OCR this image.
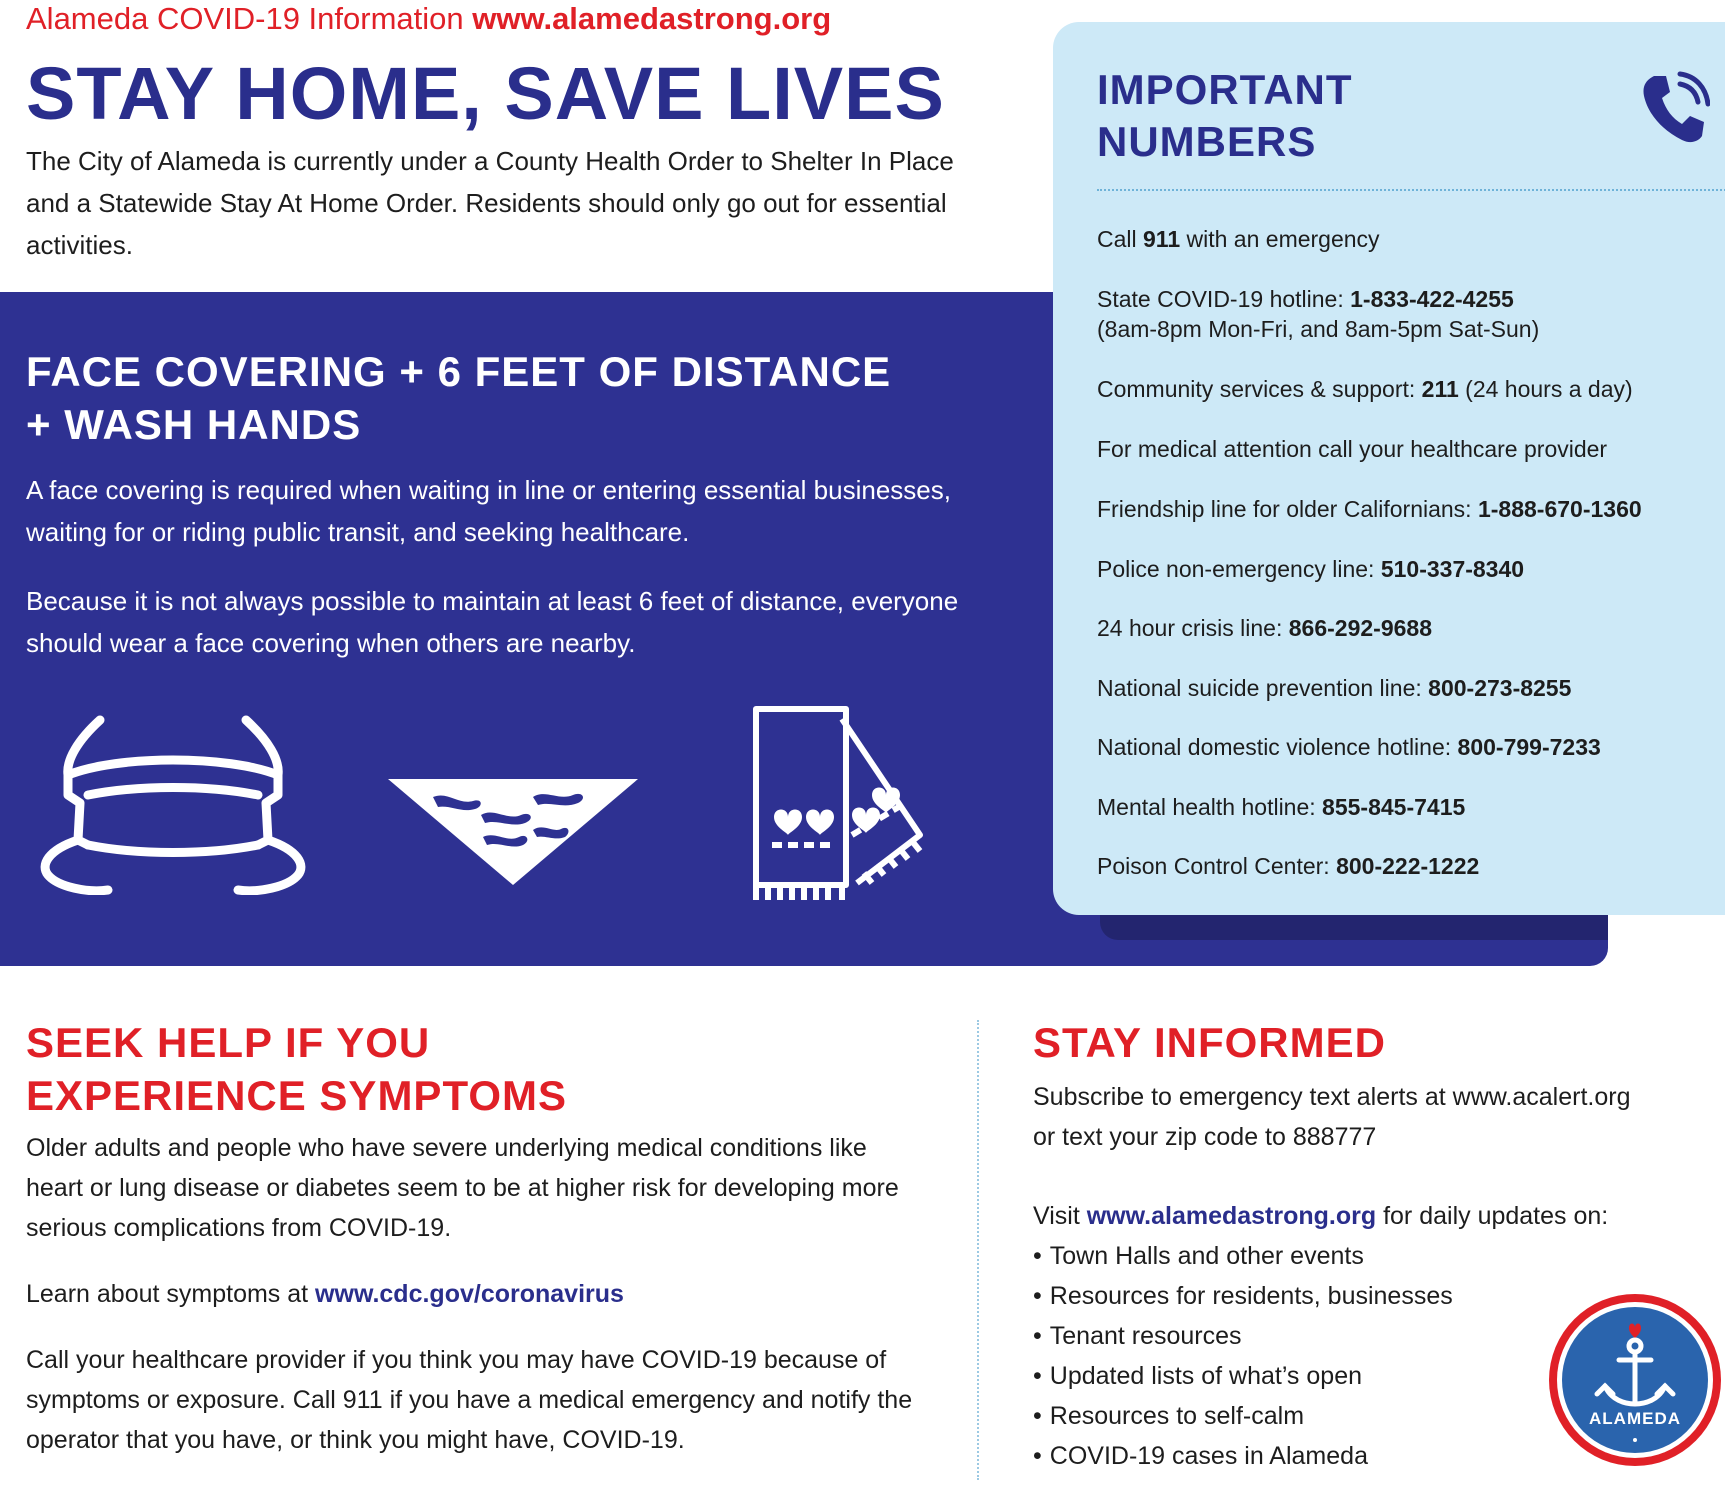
Alameda COVID-19 Information www.alamedastrong.org
STAY HOME, SAVE LIVES
The City of Alameda is currently under a County Health Order to Shelter In Place and a Statewide Stay At Home Order. Residents should only go out for essential activities.
FACE COVERING + 6 FEET OF DISTANCE
+ WASH HANDS
A face covering is required when waiting in line or entering essential businesses, waiting for or riding public transit, and seeking healthcare.
Because it is not always possible to maintain at least 6 feet of distance, everyone should wear a face covering when others are nearby.
IMPORTANT
NUMBERS
Call 911 with an emergency
State COVID-19 hotline: 1-833-422-4255
(8am-8pm Mon-Fri, and 8am-5pm Sat-Sun)
Community services & support: 211 (24 hours a day)
For medical attention call your healthcare provider
Friendship line for older Californians: 1-888-670-1360
Police non-emergency line: 510-337-8340
24 hour crisis line: 866-292-9688
National suicide prevention line: 800-273-8255
National domestic violence hotline: 800-799-7233
Mental health hotline: 855-845-7415
Poison Control Center: 800-222-1222
SEEK HELP IF YOU
EXPERIENCE SYMPTOMS
Older adults and people who have severe underlying medical conditions like heart or lung disease or diabetes seem to be at higher risk for developing more serious complications from COVID-19.
Learn about symptoms at www.cdc.gov/coronavirus
Call your healthcare provider if you think you may have COVID-19 because of symptoms or exposure. Call 911 if you have a medical emergency and notify the operator that you have, or think you might have, COVID-19.
STAY INFORMED
Subscribe to emergency text alerts at www.acalert.org or text your zip code to 888777
Visit www.alamedastrong.org for daily updates on:
• Town Halls and other events
• Resources for residents, businesses
• Tenant resources
• Updated lists of what’s open
• Resources to self-calm
• COVID-19 cases in Alameda
ALAMEDA
